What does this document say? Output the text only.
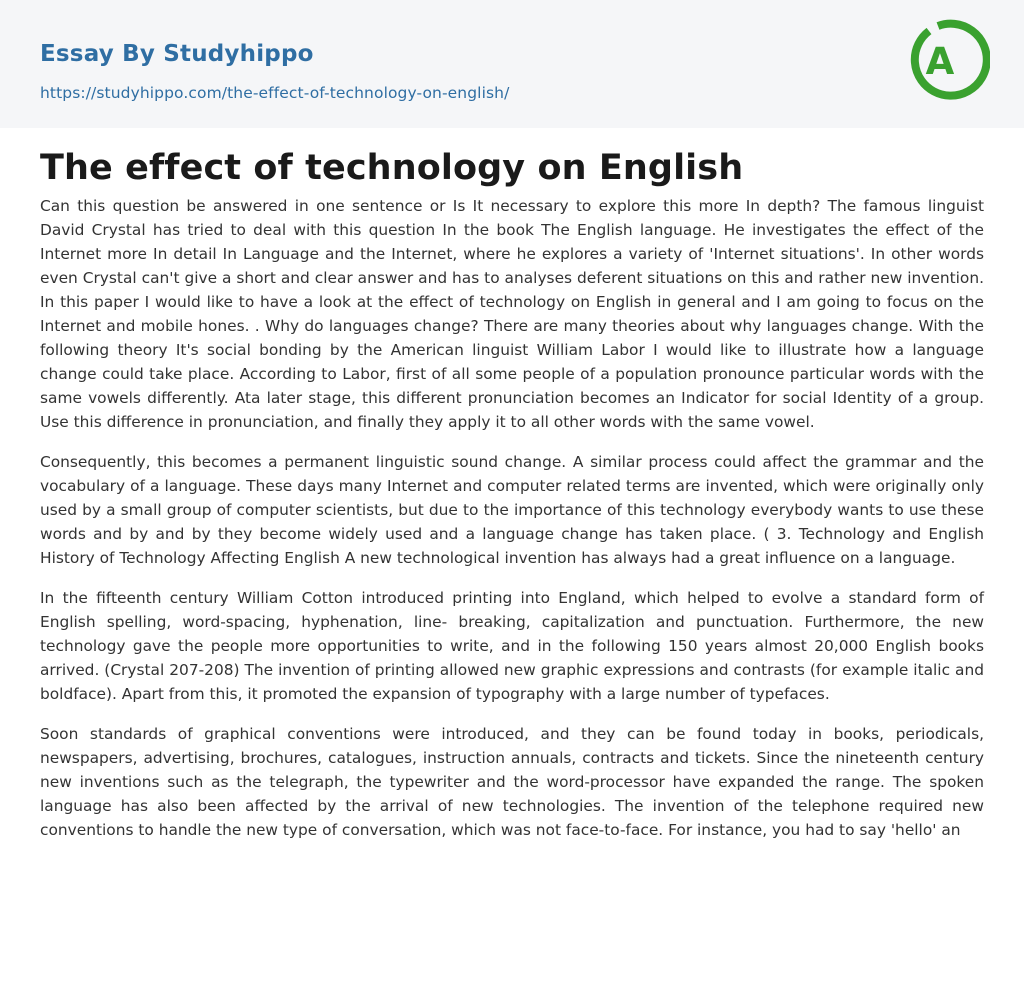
Essay By Studyhippo
https://studyhippo.com/the-effect-of-technology-on-english/
A
The effect of technology on English

Can this question be answered in one sentence or Is It necessary to explore this more In depth? The famous linguist David Crystal has tried to deal with this question In the book The English language. He investigates the effect of the Internet more In detail In Language and the Internet, where he explores a variety of 'Internet situations'. In other words even Crystal can't give a short and clear answer and has to analyses deferent situations on this and rather new invention. In this paper I would like to have a look at the effect of technology on English in general and I am going to focus on the Internet and mobile hones. . Why do languages change? There are many theories about why languages change. With the following theory It's social bonding by the American linguist William Labor I would like to illustrate how a language change could take place. According to Labor, first of all some people of a population pronounce particular words with the same vowels differently. Ata later stage, this different pronunciation becomes an Indicator for social Identity of a group. Use this difference in pronunciation, and finally they apply it to all other words with the same vowel.

Consequently, this becomes a permanent linguistic sound change. A similar process could affect the grammar and the vocabulary of a language. These days many Internet and computer related terms are invented, which were originally only used by a small group of computer scientists, but due to the importance of this technology everybody wants to use these words and by and by they become widely used and a language change has taken place. ( 3. Technology and English History of Technology Affecting English A new technological invention has always had a great influence on a language.

In the fifteenth century William Cotton introduced printing into England, which helped to evolve a standard form of English spelling, word-spacing, hyphenation, line- breaking, capitalization and punctuation. Furthermore, the new technology gave the people more opportunities to write, and in the following 150 years almost 20,000 English books arrived. (Crystal 207-208) The invention of printing allowed new graphic expressions and contrasts (for example italic and boldface). Apart from this, it promoted the expansion of typography with a large number of typefaces.

Soon standards of graphical conventions were introduced, and they can be found today in books, periodicals, newspapers, advertising, brochures, catalogues, instruction annuals, contracts and tickets. Since the nineteenth century new inventions such as the telegraph, the typewriter and the word-processor have expanded the range. The spoken language has also been affected by the arrival of new technologies. The invention of the telephone required new conventions to handle the new type of conversation, which was not face-to-face. For instance, you had to say 'hello' an
